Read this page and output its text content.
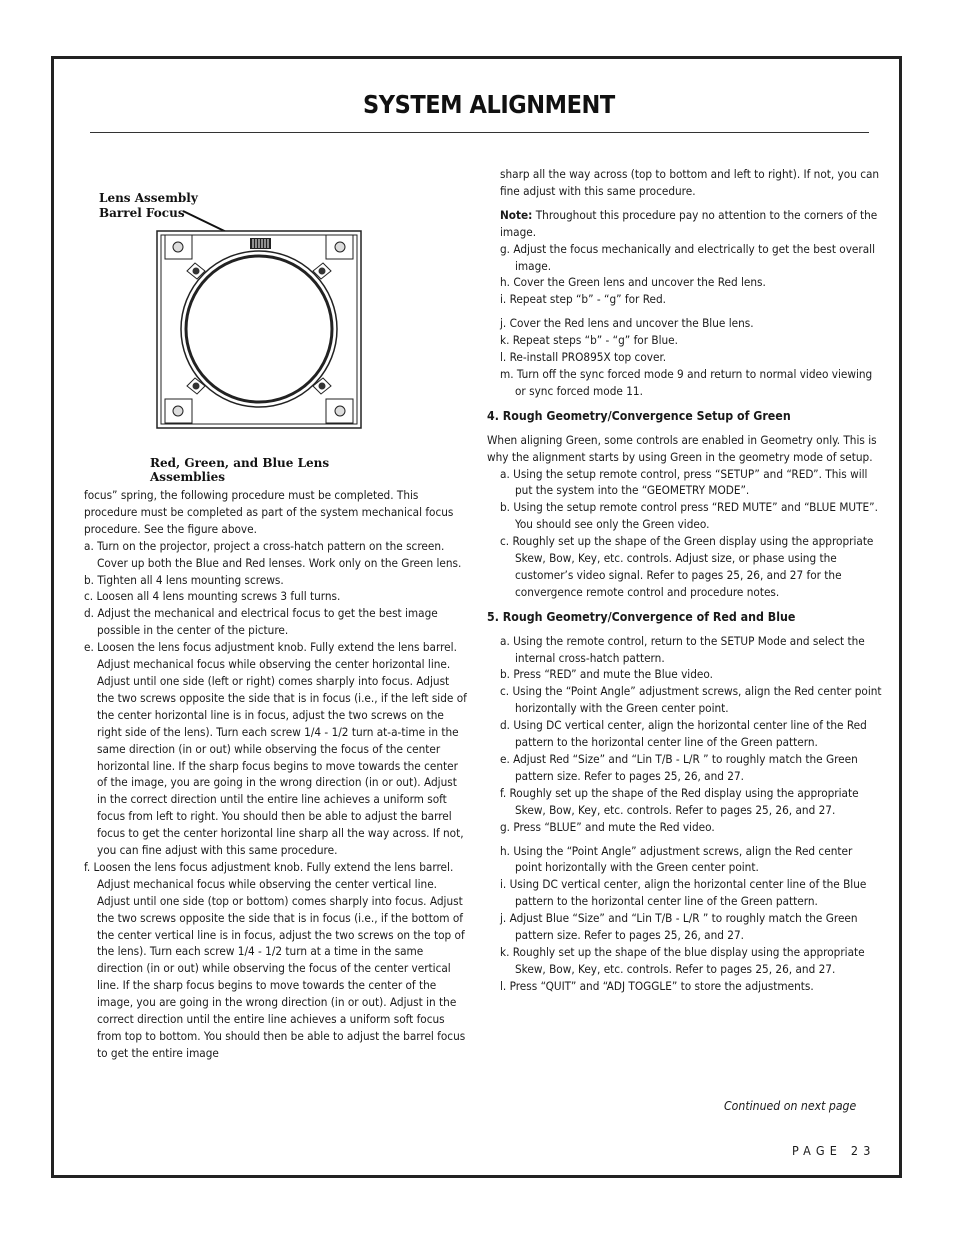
SYSTEM ALIGNMENT
Lens Assembly
Barrel Focus
Red, Green, and Blue Lens Assemblies

focus” spring, the following procedure must be completed. This procedure must be completed as part of the system mechanical focus procedure. See the figure above.

a. Turn on the projector, project a cross-hatch pattern on the screen. Cover up both the Blue and Red lenses. Work only on the Green lens.

b. Tighten all 4 lens mounting screws.

c. Loosen all 4 lens mounting screws 3 full turns.

d. Adjust the mechanical and electrical focus to get the best image possible in the center of the picture.

e. Loosen the lens focus adjustment knob. Fully extend the lens barrel. Adjust mechanical focus while observing the center horizontal line. Adjust until one side (left or right) comes sharply into focus. Adjust the two screws opposite the side that is in focus (i.e., if the left side of the center horizontal line is in focus, adjust the two screws on the right side of the lens). Turn each screw 1/4 - 1/2 turn at-a-time in the same direction (in or out) while observing the focus of the center horizontal line. If the sharp focus begins to move towards the center of the image, you are going in the wrong direction (in or out). Adjust in the correct direction until the entire line achieves a uniform soft focus from left to right. You should then be able to adjust the barrel focus to get the center horizontal line sharp all the way across. If not, you can fine adjust with this same procedure.

f. Loosen the lens focus adjustment knob. Fully extend the lens barrel. Adjust mechanical focus while observing the center vertical line. Adjust until one side (top or bottom) comes sharply into focus. Adjust the two screws opposite the side that is in focus (i.e., if the bottom of the center vertical line is in focus, adjust the two screws on the top of the lens). Turn each screw 1/4 - 1/2 turn at a time in the same direction (in or out) while observing the focus of the center vertical line. If the sharp focus begins to move towards the center of the image, you are going in the wrong direction (in or out). Adjust in the correct direction until the entire line achieves a uniform soft focus from top to bottom. You should then be able to adjust the barrel focus to get the entire image

sharp all the way across (top to bottom and left to right). If not, you can fine adjust with this same procedure.

Note: Throughout this procedure pay no attention to the corners of the image.

g. Adjust the focus mechanically and electrically to get the best overall image.

h. Cover the Green lens and uncover the Red lens.

i. Repeat step “b” - “g” for Red.

j. Cover the Red lens and uncover the Blue lens.

k. Repeat steps “b” - “g” for Blue.

l. Re-install PRO895X top cover.

m. Turn off the sync forced mode 9 and return to normal video viewing or sync forced mode 11.

4. Rough Geometry/Convergence Setup of Green

When aligning Green, some controls are enabled in Geometry only. This is why the alignment starts by using Green in the geometry mode of setup.

a. Using the setup remote control, press “SETUP” and “RED”. This will put the system into the “GEOMETRY MODE”.

b. Using the setup remote control press “RED MUTE” and “BLUE MUTE”. You should see only the Green video.

c. Roughly set up the shape of the Green display using the appropriate Skew, Bow, Key, etc. controls. Adjust size, or phase using the customer’s video signal. Refer to pages 25, 26, and 27 for the convergence remote control and procedure notes.

5. Rough Geometry/Convergence of Red and Blue

a. Using the remote control, return to the SETUP Mode and select the internal cross-hatch pattern.

b. Press “RED” and mute the Blue video.

c. Using the “Point Angle” adjustment screws, align the Red center point horizontally with the Green center point.

d. Using DC vertical center, align the horizontal center line of the Red pattern to the horizontal center line of the Green pattern.

e. Adjust Red “Size” and “Lin T/B - L/R ” to roughly match the Green pattern size. Refer to pages 25, 26, and 27.

f. Roughly set up the shape of the Red display using the appropriate Skew, Bow, Key, etc. controls. Refer to pages 25, 26, and 27.

g. Press “BLUE” and mute the Red video.

h. Using the “Point Angle” adjustment screws, align the Red center point horizontally with the Green center point.

i. Using DC vertical center, align the horizontal center line of the Blue pattern to the horizontal center line of the Green pattern.

j. Adjust Blue “Size” and “Lin T/B - L/R ” to roughly match the Green pattern size. Refer to pages 25, 26, and 27.

k. Roughly set up the shape of the blue display using the appropriate Skew, Bow, Key, etc. controls. Refer to pages 25, 26, and 27.

l. Press “QUIT” and “ADJ TOGGLE” to store the adjustments.

Continued on next page
PAGE 23
